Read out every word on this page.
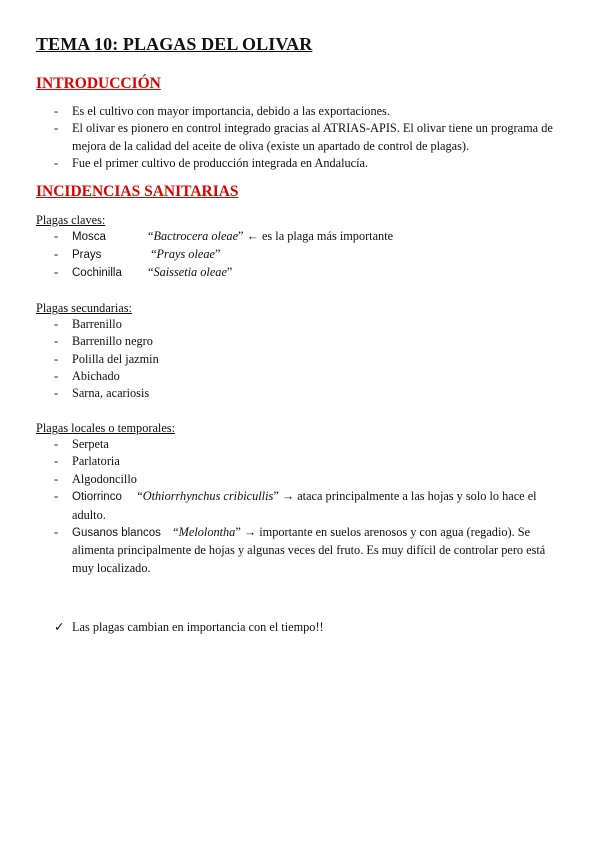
TEMA 10: PLAGAS DEL OLIVAR
INTRODUCCIÓN
- Es el cultivo con mayor importancia, debido a las exportaciones.
- El olivar es pionero en control integrado gracias al ATRIAS-APIS. El olivar tiene un programa de mejora de la calidad del aceite de oliva (existe un apartado de control de plagas).
- Fue el primer cultivo de producción integrada en Andalucía.
INCIDENCIAS SANITARIAS

Plagas claves:

- Mosca	“Bactrocera oleae” ← es la plaga más importante
- Prays	“Prays oleae”
- Cochinilla “Saissetia oleae”

Plagas secundarias:

- Barrenillo
- Barrenillo negro
- Polilla del jazmin
- Abichado
- Sarna, acariosis

Plagas locales o temporales:

- Serpeta
- Parlatoria
- Algodoncillo
- Otiorrinco “Othiorrhynchus cribicullis” → ataca principalmente a las hojas y solo lo hace el adulto.
- Gusanos blancos “Melolontha” → importante en suelos arenosos y con agua (regadio). Se alimenta principalmente de hojas y algunas veces del fruto. Es muy difícil de controlar pero está muy localizado.
✓ Las plagas cambian en importancia con el tiempo!!
